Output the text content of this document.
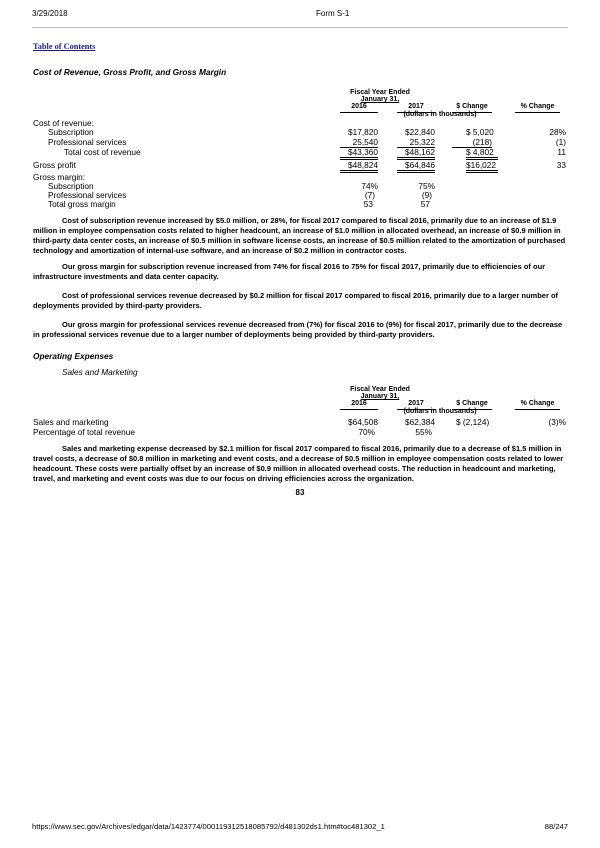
3/29/2018	Form S-1
Table of Contents
Cost of Revenue, Gross Profit, and Gross Margin
Fiscal Year Ended
January 31,
2016	2017	$ Change	% Change
(dollars in thousands)
Cost of revenue:
Subscription	$17,820	$22,840	$ 5,020	28%
Professional services	25,540	25,322	(218)	(1)
Total cost of revenue	$43,360	$48,162	$ 4,802	11
Gross profit	$48,824	$64,846	$16,022	33
Gross margin:
Subscription	74%	75%
Professional services	(7)	(9)
Total gross margin	53	57
Cost of subscription revenue increased by $5.0 million, or 28%, for fiscal 2017 compared to fiscal 2016, primarily due to an increase of $1.9 million in employee compensation costs related to higher headcount, an increase of $1.0 million in allocated overhead, an increase of $0.9 million in third-party data center costs, an increase of $0.5 million in software license costs, an increase of $0.5 million related to the amortization of purchased technology and amortization of internal-use software, and an increase of $0.2 million in contractor costs.
Our gross margin for subscription revenue increased from 74% for fiscal 2016 to 75% for fiscal 2017, primarily due to efficiencies of our infrastructure investments and data center capacity.
Cost of professional services revenue decreased by $0.2 million for fiscal 2017 compared to fiscal 2016, primarily due to a larger number of deployments provided by third-party providers.
Our gross margin for professional services revenue decreased from (7%) for fiscal 2016 to (9%) for fiscal 2017, primarily due to the decrease in professional services revenue due to a larger number of deployments being provided by third-party providers.
Operating Expenses
Sales and Marketing
Fiscal Year Ended
January 31,
2016	2017	$ Change	% Change
(dollars in thousands)
Sales and marketing	$64,508	$62,384	$ (2,124)	(3)%
Percentage of total revenue	70%	55%
Sales and marketing expense decreased by $2.1 million for fiscal 2017 compared to fiscal 2016, primarily due to a decrease of $1.5 million in travel costs, a decrease of $0.8 million in marketing and event costs, and a decrease of $0.5 million in employee compensation costs related to lower headcount. These costs were partially offset by an increase of $0.9 million in allocated overhead costs. The reduction in headcount and marketing, travel, and marketing and event costs was due to our focus on driving efficiencies across the organization.
83
https://www.sec.gov/Archives/edgar/data/1423774/000119312518085792/d481302ds1.htm#toc481302_1	88/247
